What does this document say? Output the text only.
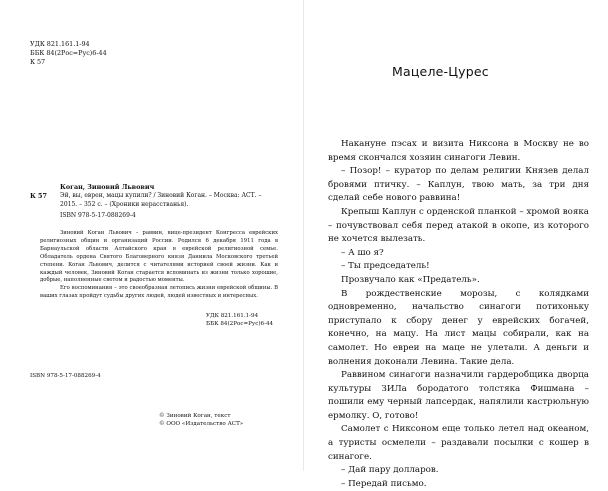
УДК 821.161.1-94
ББК 84(2Рос=Рус)6-44
К 57
Коган, Зиновий Львович
К 57 Эй, вы, евреи, мацы купили? / Зиновий Коган. – Москва: АСТ. – 2015. – 352 с. – (Хроники нерасстванья).
ISBN 978-5-17-088269-4

Зиновий Коган Львович – раввин, вице-президент Конгресса еврейских религиозных общин и организаций России. Родился 6 декабря 1911 года в Барнаульской области Алтайского края в еврейской религиозной семье. Обладатель ордена Святого Благоверного князя Даниила Московского третьей степени. Коган Львович, делится с читателями историей своей жизни. Как и каждый человек, Зиновий Коган старается вспоминать из жизни только хорошие, добрые, наполненные светом и радостью моменты.

Его воспоминания – это своеобразная летопись жизни еврейской общины. В ваших глазах пройдут судьбы других людей, людей известных и интересных.

УДК 821.161.1-94
ББК 84(2Рос=Рус)6-44
ISBN 978-5-17-088269-4
© Зиновий Коган, текст
© ООО «Издательство АСТ»
Мацеле-Цурес

Накануне пэсах и визита Никсона в Москву не во время скончался хозяин синагоги Левин.

– Позор! – куратор по делам религии Князев делал бровями птичку. – Каплун, твою мать, за три дня сделай себе нового раввина!

Крепыш Каплун с орденской планкой – хромой вояка – почувствовал себя перед атакой в окопе, из которого не хочется вылезать.

– А шо я?

– Ты председатель!

Прозвучало как «Предатель».

В рождественские морозы, с колядками одновременно, начальство синагоги потихоньку приступало к сбору денег у еврейских богачей, конечно, на мацу. На лист мацы собирали, как на самолет. Но евреи на маце не улетали. А деньги и волнения доконали Левина. Такие дела.

Раввином синагоги назначили гардеробщика дворца культуры ЗИЛа бородатого толстяка Фишмана – пошили ему черный лапсердак, напялили кастрюльную ермолку. О, готово!

Самолет с Никсоном еще только летел над океаном, а туристы осмелели – раздавали посылки с кошер в синагоге.

– Дай пару долларов.

– Передай письмо.
